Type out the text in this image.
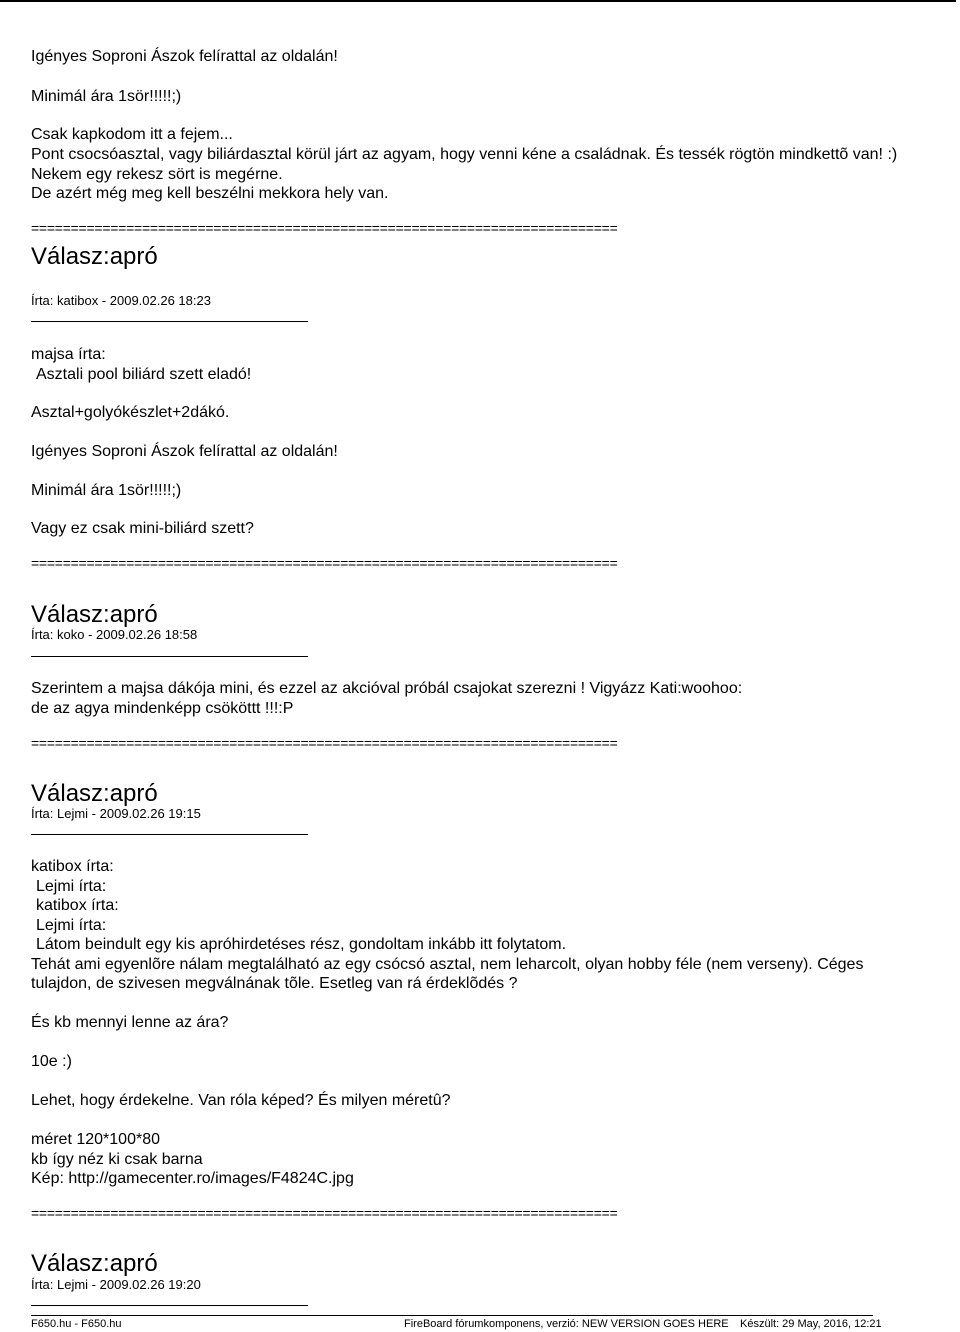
Igényes Soproni Ászok felírattal az oldalán!
Minimál ára 1sör!!!!!;)
Csak kapkodom itt a fejem...
Pont csocsóasztal, vagy biliárdasztal körül járt az agyam, hogy venni kéne a családnak. És tessék rögtön mindkettõ van! :)
Nekem egy rekesz sört is megérne.
De azért még meg kell beszélni mekkora hely van.
==========================================================================
Válasz:apró
Írta: katibox - 2009.02.26 18:23
majsa írta:
Asztali pool biliárd szett eladó!
Asztal+golyókészlet+2dákó.
Igényes Soproni Ászok felírattal az oldalán!
Minimál ára 1sör!!!!!;)
Vagy ez csak mini-biliárd szett?
==========================================================================
Válasz:apró
Írta: koko - 2009.02.26 18:58
Szerintem a majsa dákója mini, és ezzel az akcióval próbál csajokat szerezni ! Vigyázz Kati:woohoo:
de az agya mindenképp csököttt !!!:P
==========================================================================
Válasz:apró
Írta: Lejmi - 2009.02.26 19:15
katibox írta:
Lejmi írta:
katibox írta:
Lejmi írta:
Látom beindult egy kis apróhirdetéses rész, gondoltam inkább itt folytatom.
Tehát ami egyenlõre nálam megtalálható az egy csócsó asztal, nem leharcolt, olyan hobby féle (nem verseny). Céges
tulajdon, de szivesen megválnának tõle. Esetleg van rá érdeklõdés ?
És kb mennyi lenne az ára?
10e :)
Lehet, hogy érdekelne. Van róla képed? És milyen méretû?
méret 120*100*80
kb így néz ki csak barna
Kép: http://gamecenter.ro/images/F4824C.jpg
==========================================================================
Válasz:apró
Írta: Lejmi - 2009.02.26 19:20
F650.hu - F650.hu	FireBoard fórumkomponens, verzió: NEW VERSION GOES HERE Készült: 29 May, 2016, 12:21
